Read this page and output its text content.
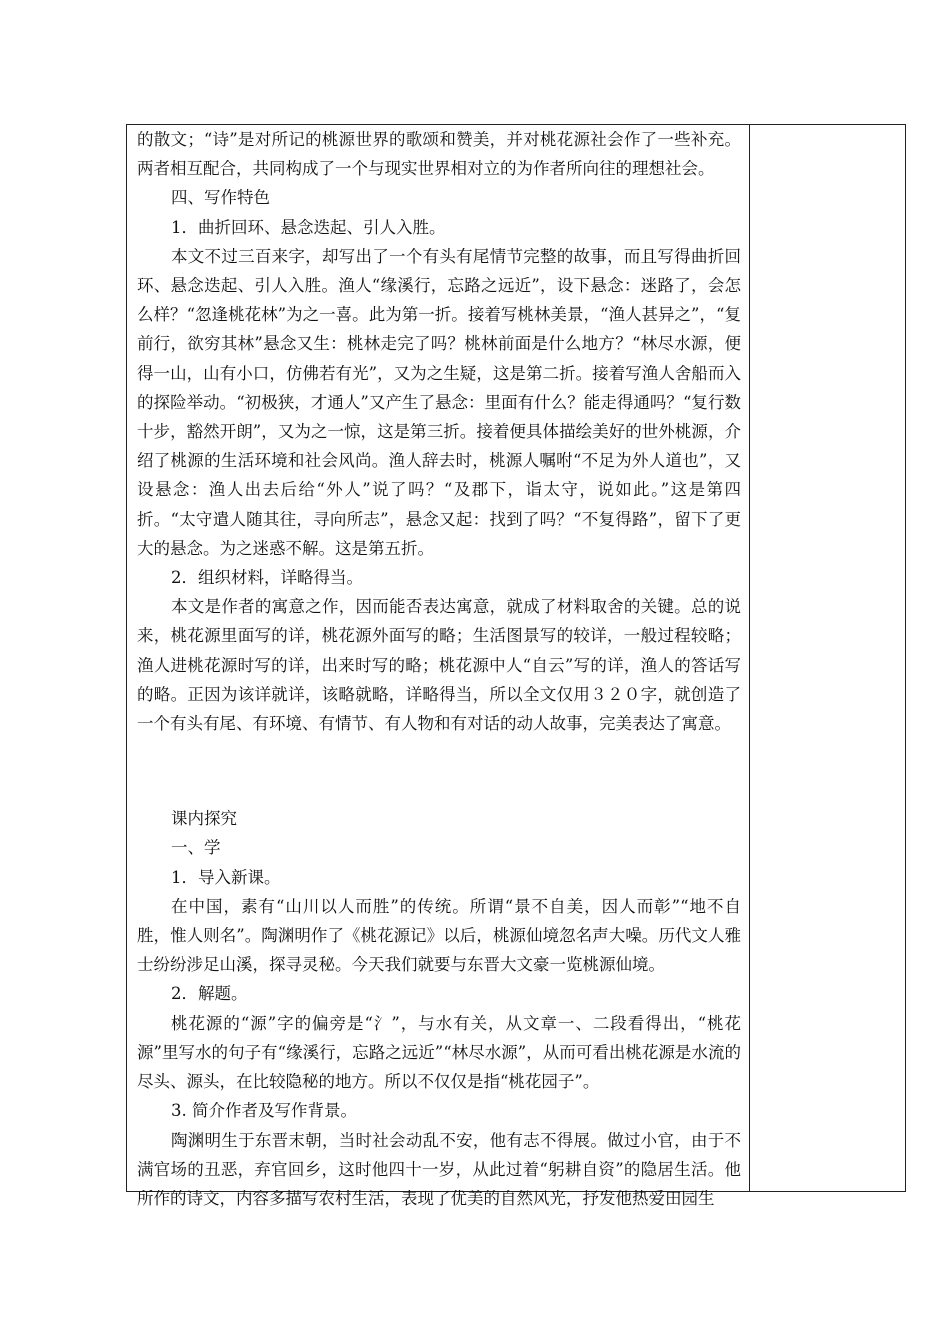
的散文；“诗”是对所记的桃源世界的歌颂和赞美，并对桃花源社会作了一些补充。两者相互配合，共同构成了一个与现实世界相对立的为作者所向往的理想社会。

四、写作特色

1．曲折回环、悬念迭起、引人入胜。

本文不过三百来字，却写出了一个有头有尾情节完整的故事，而且写得曲折回环、悬念迭起、引人入胜。渔人“缘溪行，忘路之远近”，设下悬念：迷路了，会怎么样？“忽逢桃花林”为之一喜。此为第一折。接着写桃林美景，“渔人甚异之”，“复前行，欲穷其林”悬念又生：桃林走完了吗？桃林前面是什么地方？“林尽水源，便得一山，山有小口，仿佛若有光”，又为之生疑，这是第二折。接着写渔人舍船而入的探险举动。“初极狭，才通人”又产生了悬念：里面有什么？能走得通吗？“复行数十步，豁然开朗”，又为之一惊，这是第三折。接着便具体描绘美好的世外桃源，介绍了桃源的生活环境和社会风尚。渔人辞去时，桃源人嘱咐“不足为外人道也”，又设悬念：渔人出去后给“外人”说了吗？“及郡下，诣太守，说如此。”这是第四折。“太守遣人随其往，寻向所志”，悬念又起：找到了吗？“不复得路”，留下了更大的悬念。为之迷惑不解。这是第五折。

2．组织材料，详略得当。

本文是作者的寓意之作，因而能否表达寓意，就成了材料取舍的关键。总的说来，桃花源里面写的详，桃花源外面写的略；生活图景写的较详，一般过程较略；渔人进桃花源时写的详，出来时写的略；桃花源中人“自云”写的详，渔人的答话写的略。正因为该详就详，该略就略，详略得当，所以全文仅用３２０字，就创造了一个有头有尾、有环境、有情节、有人物和有对话的动人故事，完美表达了寓意。

课内探究

一、学

1．导入新课。

在中国，素有“山川以人而胜”的传统。所谓“景不自美，因人而彰”“地不自胜，惟人则名”。陶渊明作了《桃花源记》以后，桃源仙境忽名声大噪。历代文人雅士纷纷涉足山溪，探寻灵秘。今天我们就要与东晋大文豪一览桃源仙境。

2．解题。

桃花源的“源”字的偏旁是“氵”，与水有关，从文章一、二段看得出，“桃花源”里写水的句子有“缘溪行，忘路之远近”“林尽水源”，从而可看出桃花源是水流的尽头、源头，在比较隐秘的地方。所以不仅仅是指“桃花园子”。

3. 简介作者及写作背景。

陶渊明生于东晋末朝，当时社会动乱不安，他有志不得展。做过小官，由于不满官场的丑恶，弃官回乡，这时他四十一岁，从此过着“躬耕自资”的隐居生活。他所作的诗文，内容多描写农村生活，表现了优美的自然风光，抒发他热爱田园生
